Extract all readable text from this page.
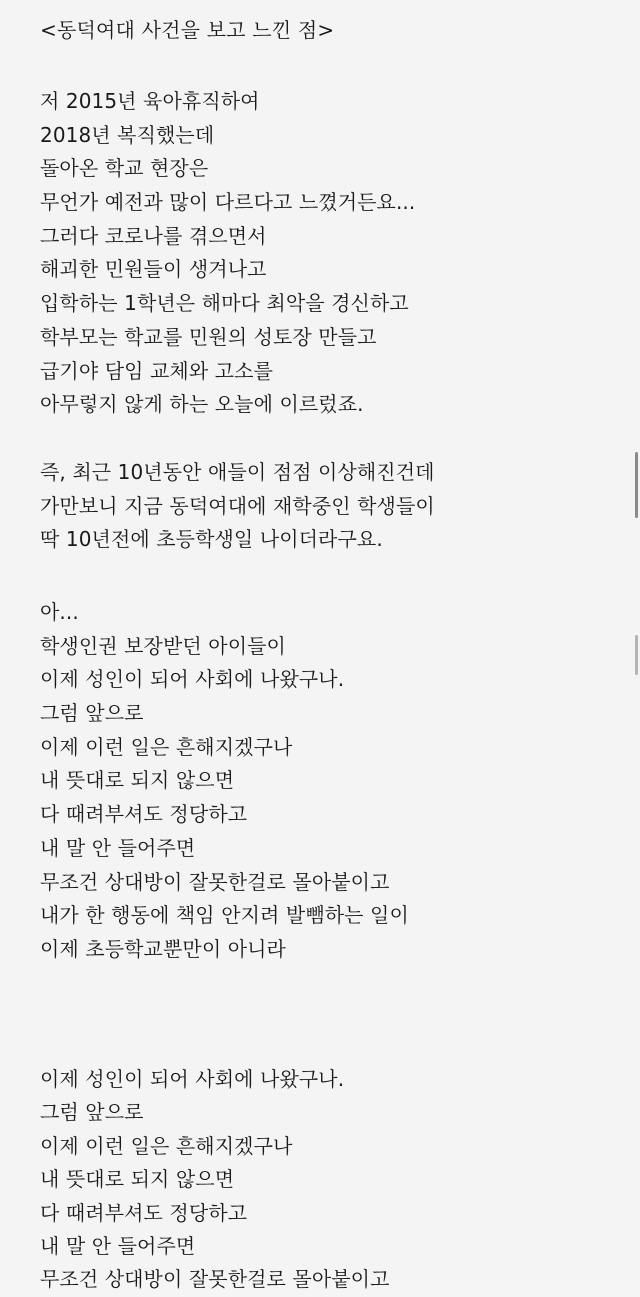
<동덕여대 사건을 보고 느낀 점>
저 2015년 육아휴직하여
2018년 복직했는데
돌아온 학교 현장은
무언가 예전과 많이 다르다고 느꼈거든요...
그러다 코로나를 겪으면서
해괴한 민원들이 생겨나고
입학하는 1학년은 해마다 최악을 경신하고
학부모는 학교를 민원의 성토장 만들고
급기야 담임 교체와 고소를
아무렇지 않게 하는 오늘에 이르렀죠.
즉, 최근 10년동안 애들이 점점 이상해진건데
가만보니 지금 동덕여대에 재학중인 학생들이
딱 10년전에 초등학생일 나이더라구요.
아...
학생인권 보장받던 아이들이
이제 성인이 되어 사회에 나왔구나.
그럼 앞으로
이제 이런 일은 흔해지겠구나
내 뜻대로 되지 않으면
다 때려부셔도 정당하고
내 말 안 들어주면
무조건 상대방이 잘못한걸로 몰아붙이고
내가 한 행동에 책임 안지려 발뺌하는 일이
이제 초등학교뿐만이 아니라
이제 성인이 되어 사회에 나왔구나.
그럼 앞으로
이제 이런 일은 흔해지겠구나
내 뜻대로 되지 않으면
다 때려부셔도 정당하고
내 말 안 들어주면
무조건 상대방이 잘못한걸로 몰아붙이고
